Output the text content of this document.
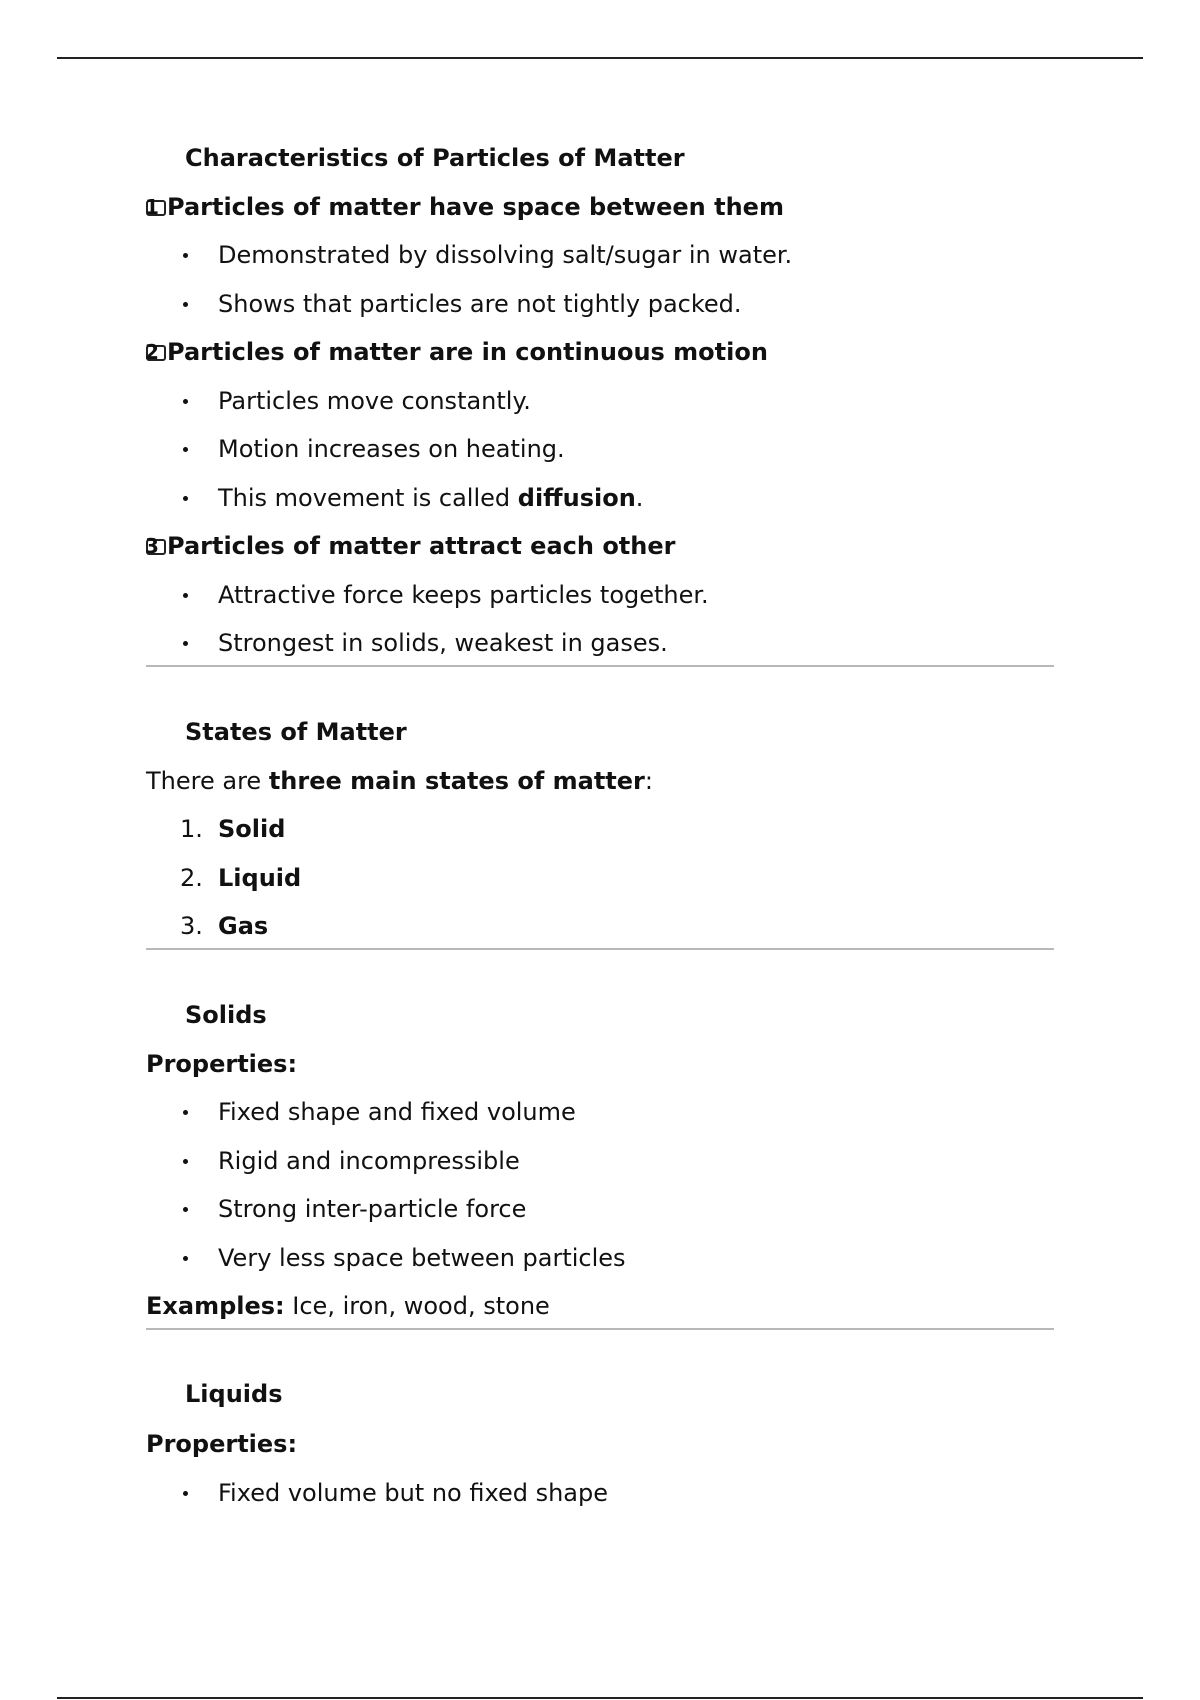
Characteristics of Particles of Matter
1 Particles of matter have space between them
Demonstrated by dissolving salt/sugar in water.
Shows that particles are not tightly packed.
2 Particles of matter are in continuous motion
Particles move constantly.
Motion increases on heating.
This movement is called diffusion.
3 Particles of matter attract each other
Attractive force keeps particles together.
Strongest in solids, weakest in gases.
States of Matter
There are three main states of matter:
1. Solid
2. Liquid
3. Gas
Solids
Properties:
Fixed shape and fixed volume
Rigid and incompressible
Strong inter-particle force
Very less space between particles
Examples: Ice, iron, wood, stone
Liquids
Properties:
Fixed volume but no fixed shape
